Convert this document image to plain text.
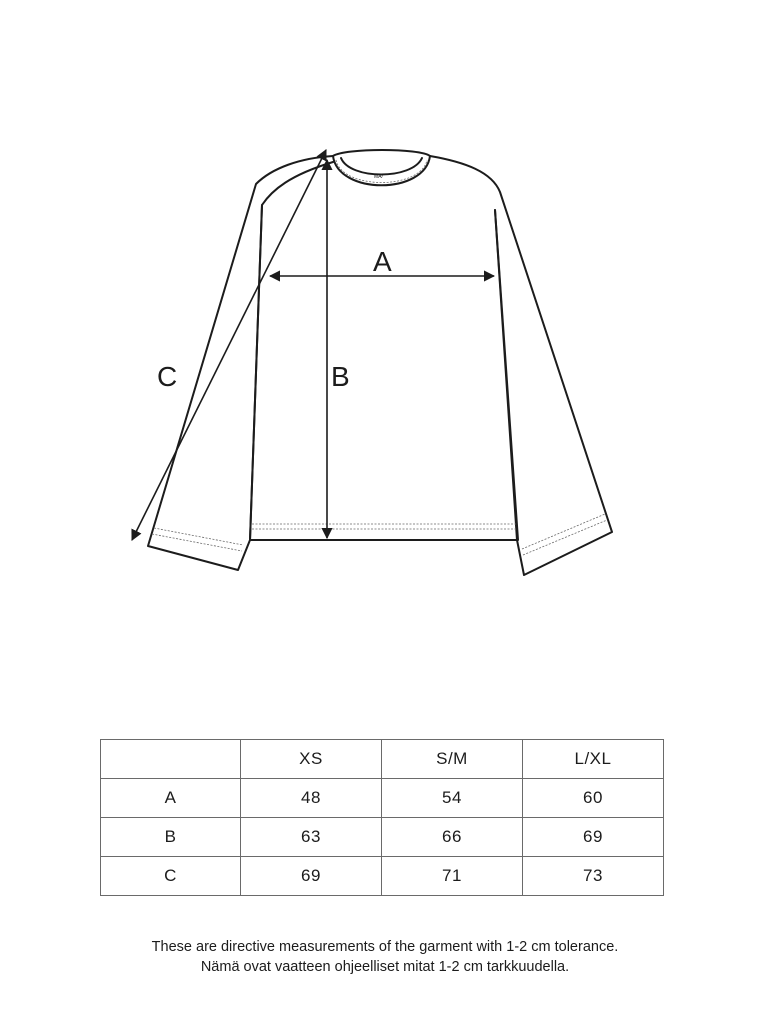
MA/
A
B
C
	XS	S/M	L/XL
A	48	54	60
B	63	66	69
C	69	71	73
These are directive measurements of the garment with 1-2 cm tolerance.
Nämä ovat vaatteen ohjeelliset mitat 1-2 cm tarkkuudella.
